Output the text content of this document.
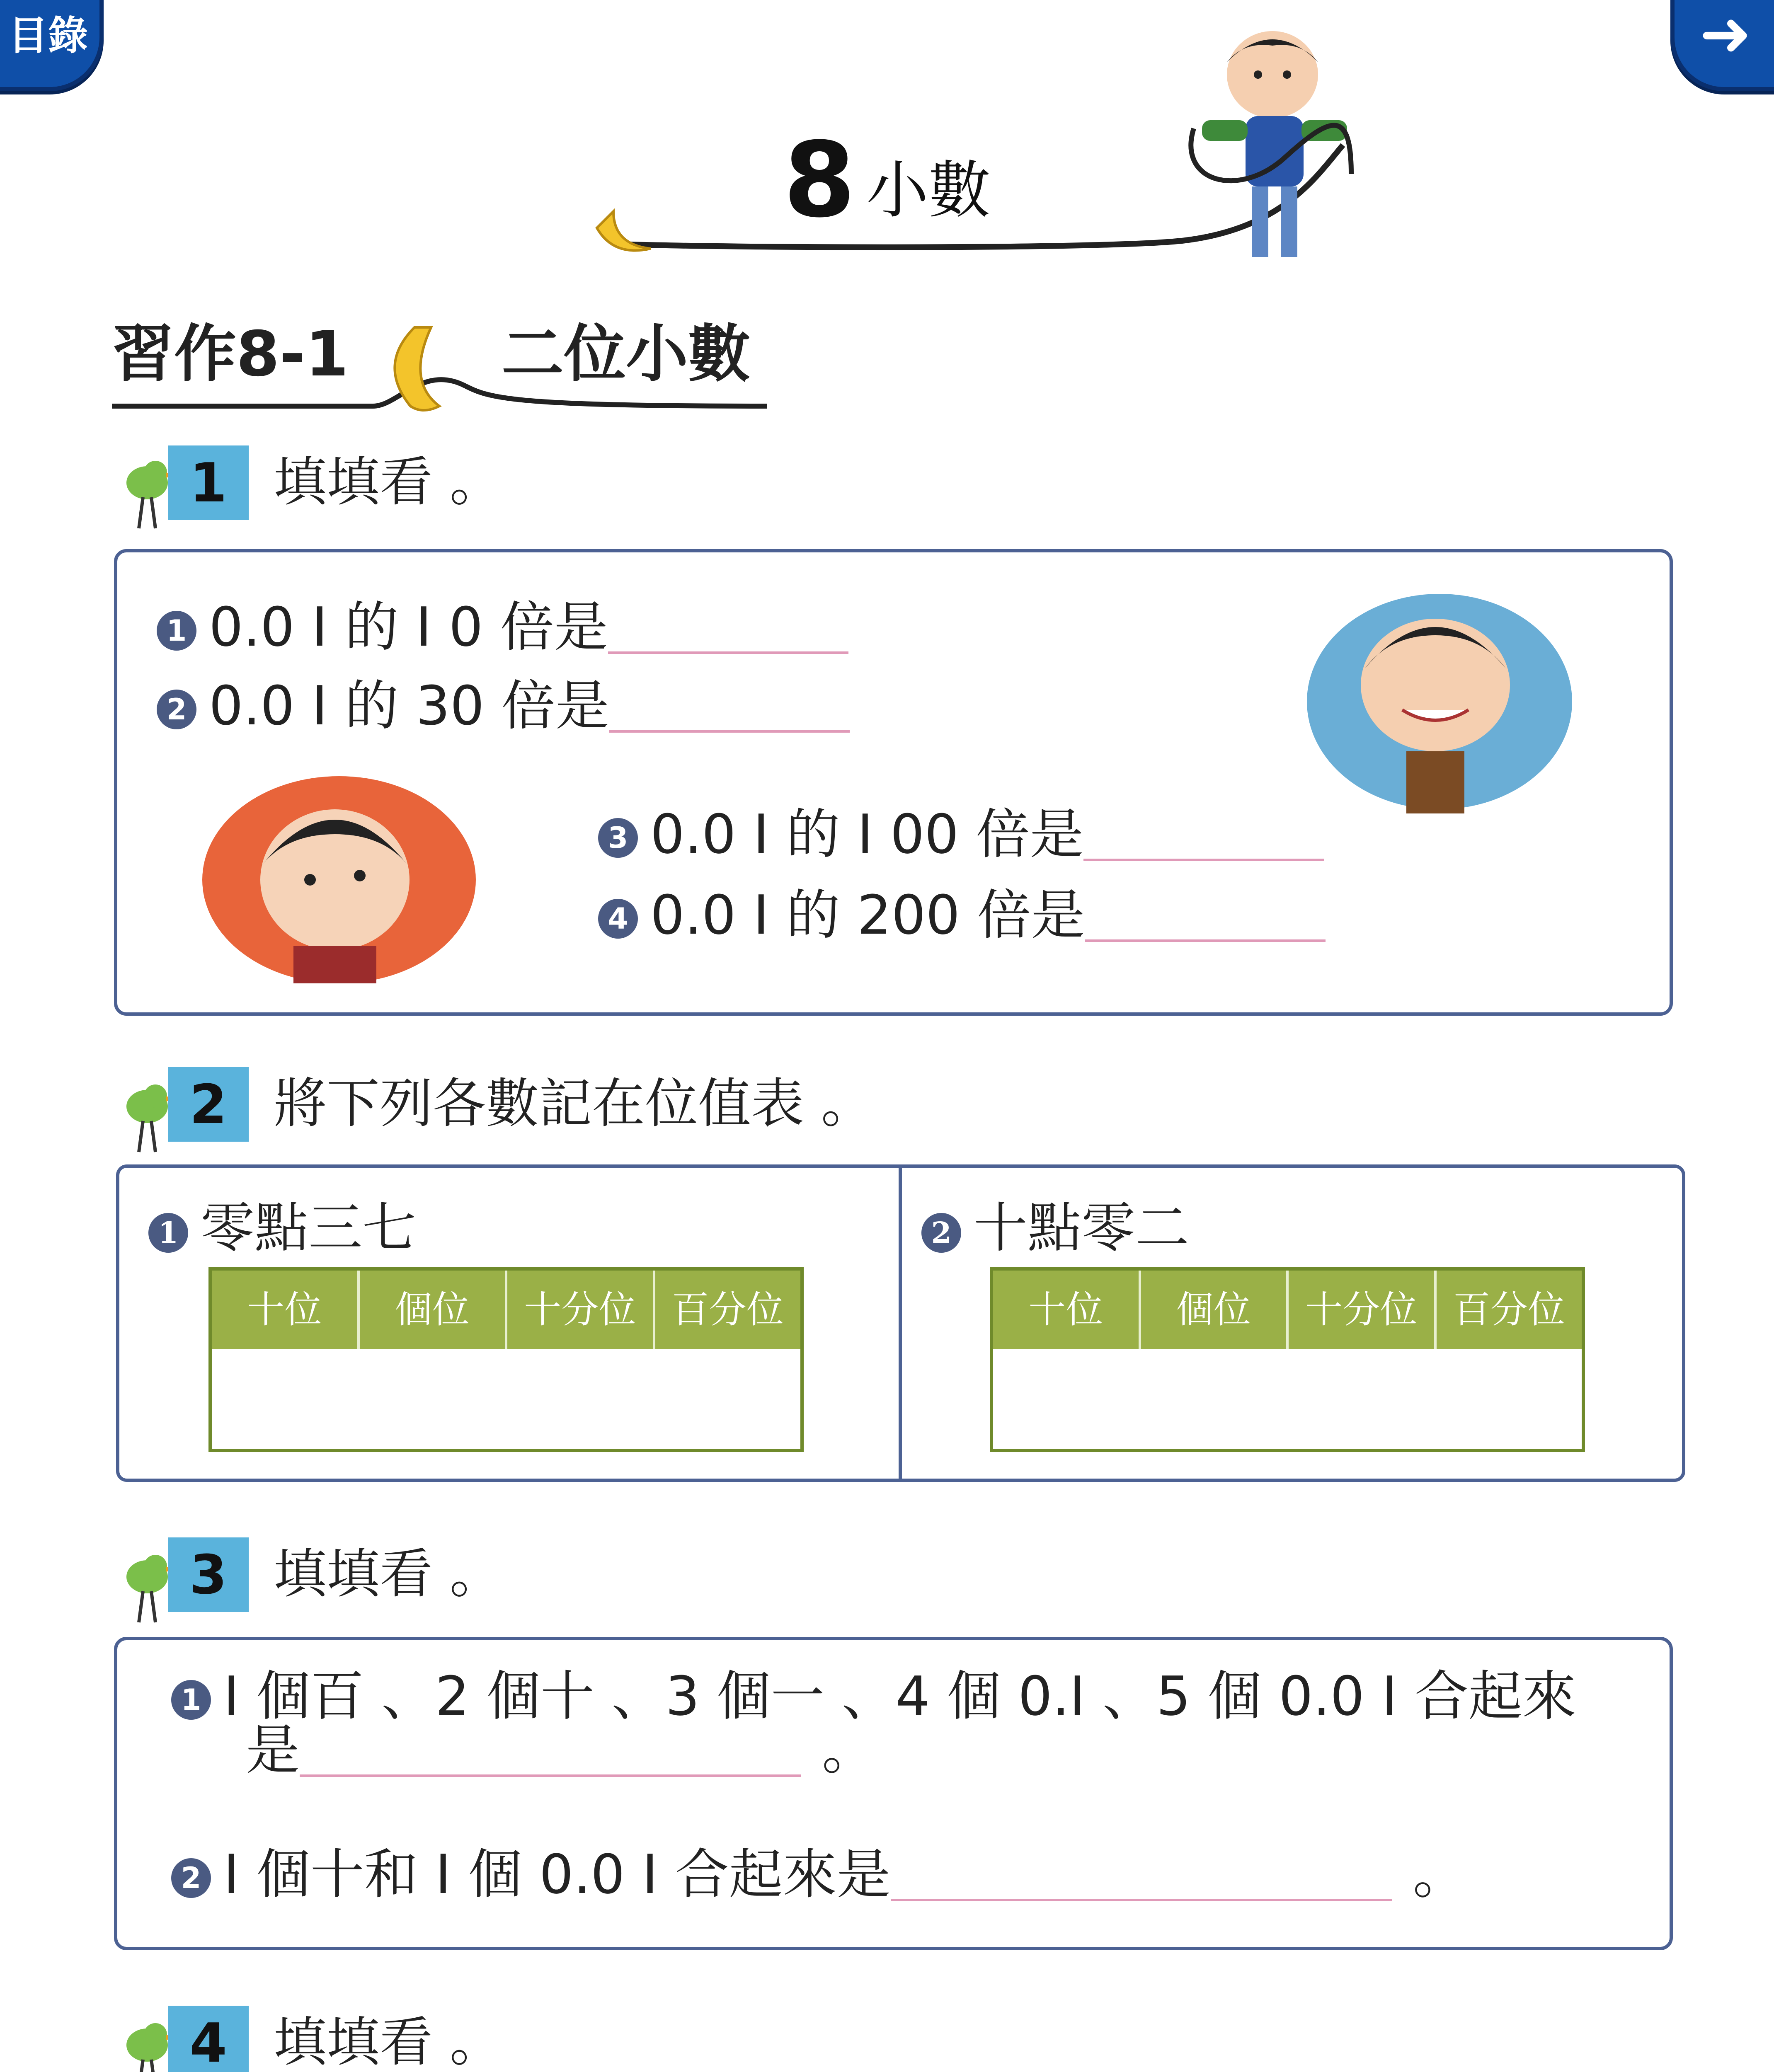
目錄	➜
8 小數
習作8-1 二位小數
1 填填看 。
1 0.0 I 的 I 0 倍是
2 0.0 I 的 30 倍是
3 0.0 I 的 I 00 倍是
4 0.0 I 的 200 倍是
2 將下列各數記在位值表 。
1 零點三七
十位	個位	十分位 百分位
2 十點零二
十位	個位	十分位 百分位
3 填填看 。
1 I 個百 、2 個十 、3 個一 、4 個 0.I 、5 個 0.0 I 合起來
是	。
2 I 個十和 I 個 0.0 I 合起來是	。
4 填填看 。
